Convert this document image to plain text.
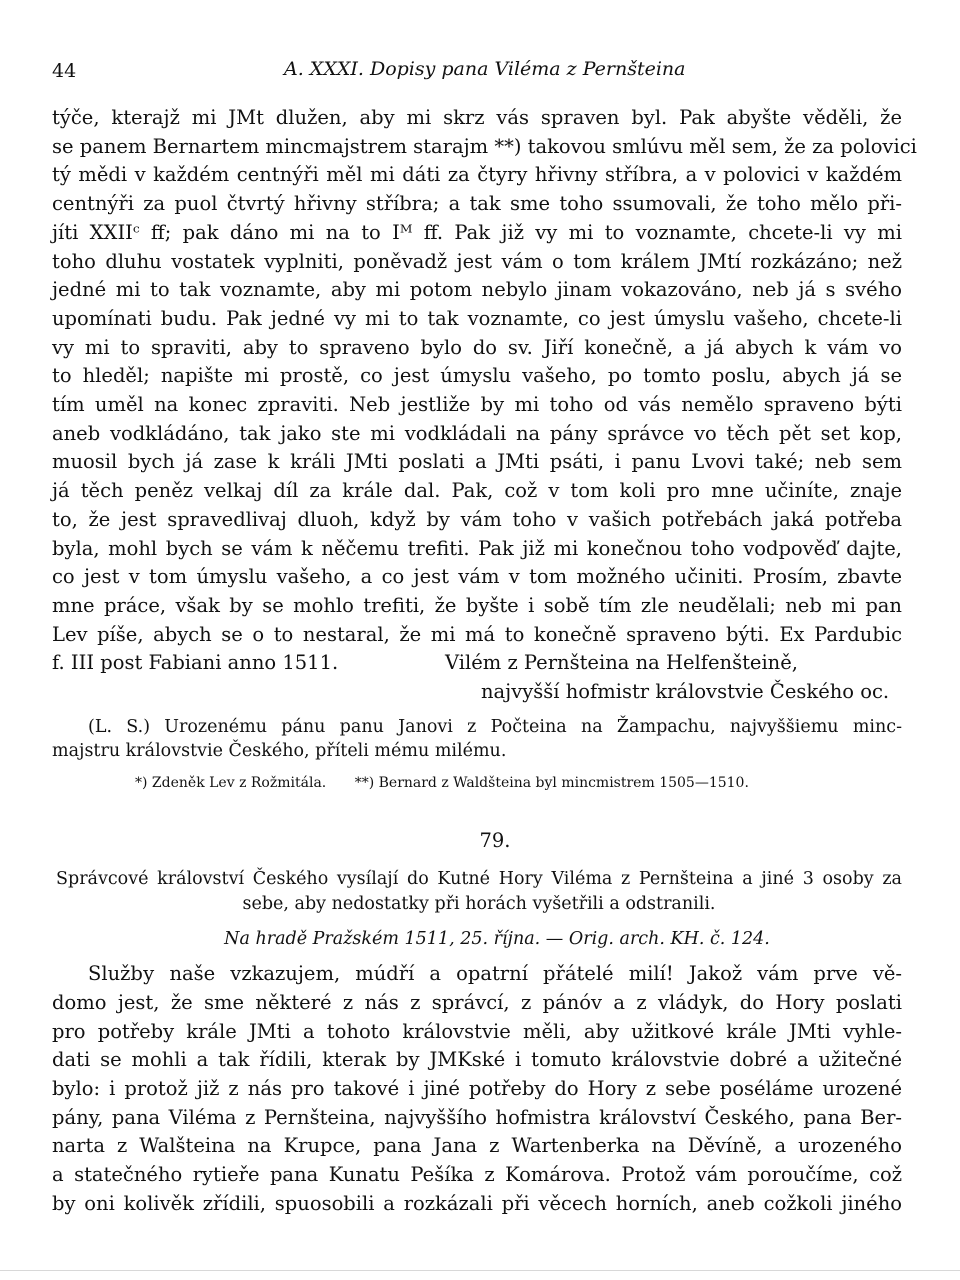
44	A. XXXI. Dopisy pana Viléma z Pernšteina
týče, kterajž mi JMt dlužen, aby mi skrz vás spraven byl. Pak abyšte věděli, že
se panem Bernartem mincmajstrem starajm **) takovou smlúvu měl sem, že za polovici
tý mědi v každém centnýři měl mi dáti za čtyry hřivny stříbra, a v polovici v každém
centnýři za puol čtvrtý hřivny stříbra; a tak sme toho ssumovali, že toho mělo při-
jíti XXIIᶜ ff; pak dáno mi na to Iᴹ ff. Pak již vy mi to voznamte, chcete-li vy mi
toho dluhu vostatek vyplniti, poněvadž jest vám o tom králem JMtí rozkázáno; než
jedné mi to tak voznamte, aby mi potom nebylo jinam vokazováno, neb já s svého
upomínati budu. Pak jedné vy mi to tak voznamte, co jest úmyslu vašeho, chcete-li
vy mi to spraviti, aby to spraveno bylo do sv. Jiří konečně, a já abych k vám vo
to hleděl; napište mi prostě, co jest úmyslu vašeho, po tomto poslu, abych já se
tím uměl na konec zpraviti. Neb jestliže by mi toho od vás nemělo spraveno býti
aneb vodkládáno, tak jako ste mi vodkládali na pány správce vo těch pět set kop,
muosil bych já zase k králi JMti poslati a JMti psáti, i panu Lvovi také; neb sem
já těch peněz velkaj díl za krále dal. Pak, což v tom koli pro mne učiníte, znaje
to, že jest spravedlivaj dluoh, když by vám toho v vašich potřebách jaká potřeba
byla, mohl bych se vám k něčemu trefiti. Pak již mi konečnou toho vodpověď dajte,
co jest v tom úmyslu vašeho, a co jest vám v tom možného učiniti. Prosím, zbavte
mne práce, však by se mohlo trefiti, že byšte i sobě tím zle neudělali; neb mi pan
Lev píše, abych se o to nestaral, že mi má to konečně spraveno býti. Ex Pardubic
f. III post Fabiani anno 1511.	Vilém z Pernšteina na Helfenšteině,
najvyšší hofmistr královstvie Českého oc.
(L. S.) Urozenému pánu panu Janovi z Počteina na Žampachu, najvyššiemu minc-
majstru královstvie Českého, příteli mému milému.
*) Zdeněk Lev z Rožmitála. **) Bernard z Waldšteina byl mincmistrem 1505—1510.
79.
Správcové království Českého vysílají do Kutné Hory Viléma z Pernšteina a jiné 3 osoby za
sebe, aby nedostatky při horách vyšetřili a odstranili.
Na hradě Pražském 1511, 25. října. — Orig. arch. KH. č. 124.
Službу naše vzkazujem, múdří a opatrní přátelé milí! Jakož vám prve vě-
domo jest, že sme některé z nás z správcí, z pánóv a z vládyk, do Hory poslati
pro potřeby krále JMti a tohoto královstvie měli, aby užitkové krále JMti vyhle-
dati se mohli a tak řídili, kterak by JMKské i tomuto královstvie dobré a užitečné
bylo: i protož již z nás pro takové i jiné potřeby do Hory z sebe poséláme urozené
pány, pana Viléma z Pernšteina, najvyššího hofmistra království Českého, pana Ber-
narta z Walšteina na Krupce, pana Jana z Wartenberka na Děvíně, a urozeného
a statečného rytieře pana Kunatu Pešíka z Komárova. Protož vám poroučíme, což
by oni kolivěk zřídili, spuosobili a rozkázali při věcech horních, aneb cožkoli jiného
